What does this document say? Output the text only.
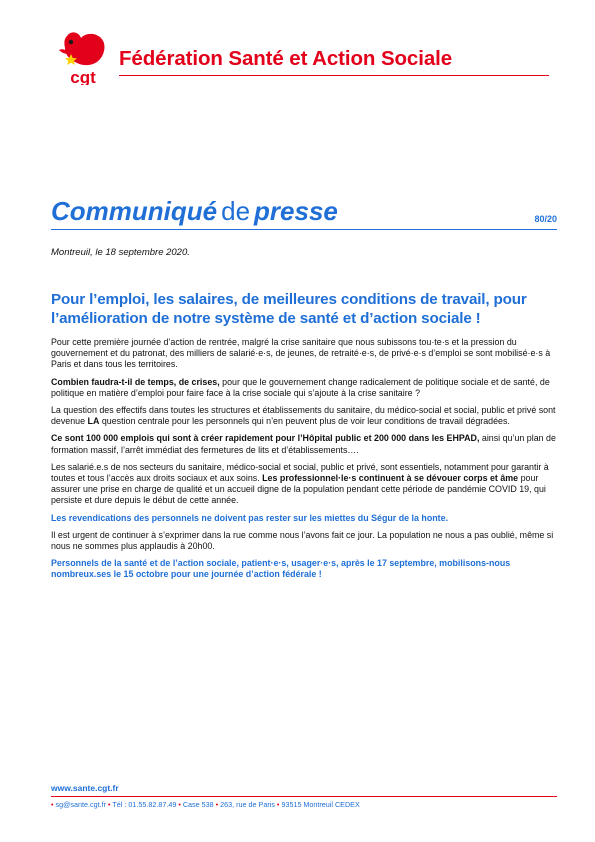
cgt
Fédération Santé et Action Sociale
Communiqué de presse	80/20
Montreuil, le 18 septembre 2020.
Pour l’emploi, les salaires, de meilleures conditions de travail, pour l’amélioration de notre système de santé et d’action sociale !

Pour cette première journée d’action de rentrée, malgré la crise sanitaire que nous subissons tou·te·s et la pression du gouvernement et du patronat, des milliers de salarié·e·s, de jeunes, de retraité·e·s, de privé·e·s d’emploi se sont mobilisé·e·s à Paris et dans tous les territoires.

Combien faudra-t-il de temps, de crises, pour que le gouvernement change radicalement de politique sociale et de santé, de politique en matière d’emploi pour faire face à la crise sociale qui s’ajoute à la crise sanitaire ?

La question des effectifs dans toutes les structures et établissements du sanitaire, du médico-social et social, public et privé sont devenue LA question centrale pour les personnels qui n’en peuvent plus de voir leur conditions de travail dégradées.

Ce sont 100 000 emplois qui sont à créer rapidement pour l’Hôpital public et 200 000 dans les EHPAD, ainsi qu’un plan de formation massif, l’arrêt immédiat des fermetures de lits et d’établissements….

Les salarié.e.s de nos secteurs du sanitaire, médico-social et social, public et privé, sont essentiels, notamment pour garantir à toutes et tous l’accès aux droits sociaux et aux soins. Les professionnel·le·s continuent à se dévouer corps et âme pour assurer une prise en charge de qualité et un accueil digne de la population pendant cette période de pandémie COVID 19, qui persiste et dure depuis le début de cette année.

Les revendications des personnels ne doivent pas rester sur les miettes du Ségur de la honte.

Il est urgent de continuer à s’exprimer dans la rue comme nous l’avons fait ce jour. La population ne nous a pas oublié, même si nous ne sommes plus applaudis à 20h00.

Personnels de la santé et de l’action sociale, patient·e·s, usager·e·s, après le 17 septembre, mobilisons-nous nombreux.ses le 15 octobre pour une journée d’action fédérale !

www.sante.cgt.fr
• sg@sante.cgt.fr • Tél : 01.55.82.87.49 • Case 538 • 263, rue de Paris • 93515 Montreuil CEDEX
